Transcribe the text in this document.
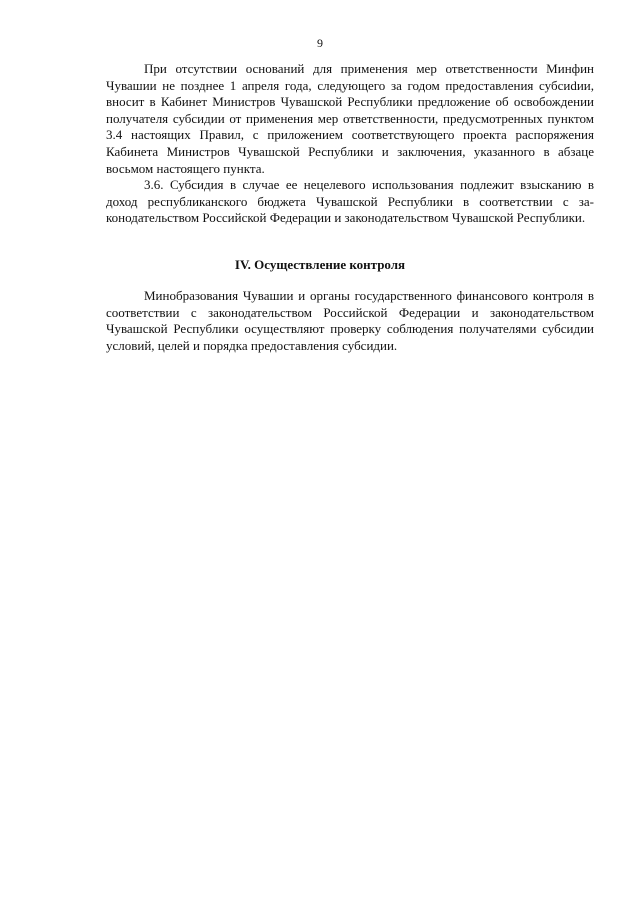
9

При отсутствии оснований для применения мер ответственности Минфин Чувашии не позднее 1 апреля года, следующего за годом предоставления субсиdии, вносит в Кабинет Министров Чувашской Республики предложение об освобождении получателя субсидии от применения мер ответственности, предусмотренных пунктом 3.4 настоящих Правил, с приложением соответствующего проекта распоряжения Кабинета Министров Чувашской Республики и заключения, указанного в абзаце восьмом настоящего пункта.

3.6. Субсидия в случае ее нецелевого использования подлежит взысканию в доход республиканского бюджета Чувашской Республики в соответствии с законодательством Российской Федерации и законодательством Чувашской Республики.

IV. Осуществление контроля

Минобразования Чувашии и органы государственного финансового контроля в соответствии с законодательством Российской Федерации и законодательством Чувашской Республики осуществляют проверку соблюдения получателями субсидии условий, целей и порядка предоставления субсидии.
